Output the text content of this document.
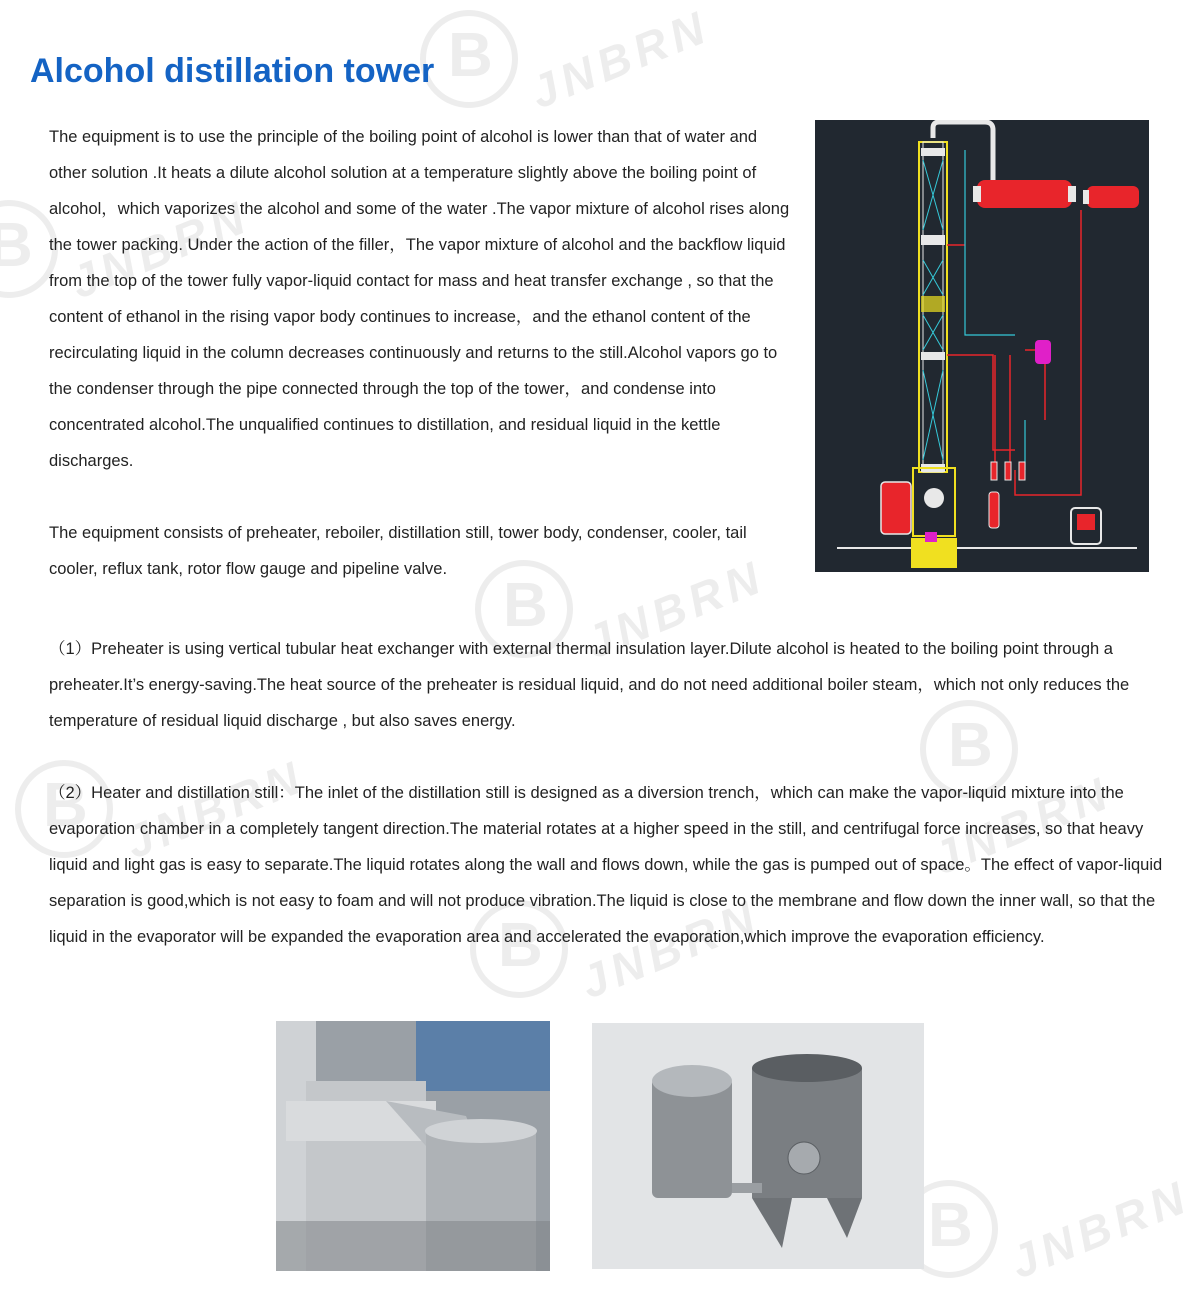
BJNBRN
B
BJNBRN
BJNBRN
BJNBRN
BJNBRN
BJNBRN
BJNBRN
Alcohol distillation tower

The equipment is to use the principle of the boiling point of alcohol is lower than that of water and other solution .It heats a dilute alcohol solution at a temperature slightly above the boiling point of alcohol，which vaporizes the alcohol and some of the water .The vapor mixture of alcohol rises along the tower packing. Under the action of the filler，The vapor mixture of alcohol and the backflow liquid from the top of the tower fully vapor-liquid contact for mass and heat transfer exchange , so that the content of ethanol in the rising vapor body continues to increase，and the ethanol content of the recirculating liquid in the column decreases continuously and returns to the still.Alcohol vapors go to the condenser through the pipe connected through the top of the tower，and condense into concentrated alcohol.The unqualified continues to distillation, and residual liquid in the kettle discharges.

The equipment consists of preheater, reboiler, distillation still, tower body, condenser, cooler, tail cooler, reflux tank, rotor flow gauge and pipeline valve.

（1）Preheater is using vertical tubular heat exchanger with external thermal insulation layer.Dilute alcohol is heated to the boiling point through a preheater.It’s energy-saving.The heat source of the preheater is residual liquid, and do not need additional boiler steam，which not only reduces the temperature of residual liquid discharge , but also saves energy.

（2）Heater and distillation still：The inlet of the distillation still is designed as a diversion trench，which can make the vapor-liquid mixture into the evaporation chamber in a completely tangent direction.The material rotates at a higher speed in the still, and centrifugal force increases, so that heavy liquid and light gas is easy to separate.The liquid rotates along the wall and flows down, while the gas is pumped out of space。The effect of vapor-liquid separation is good,which is not easy to foam and will not produce vibration.The liquid is close to the membrane and flow down the inner wall, so that the liquid in the evaporator will be expanded the evaporation area and accelerated the evaporation,which improve the evaporation efficiency.
